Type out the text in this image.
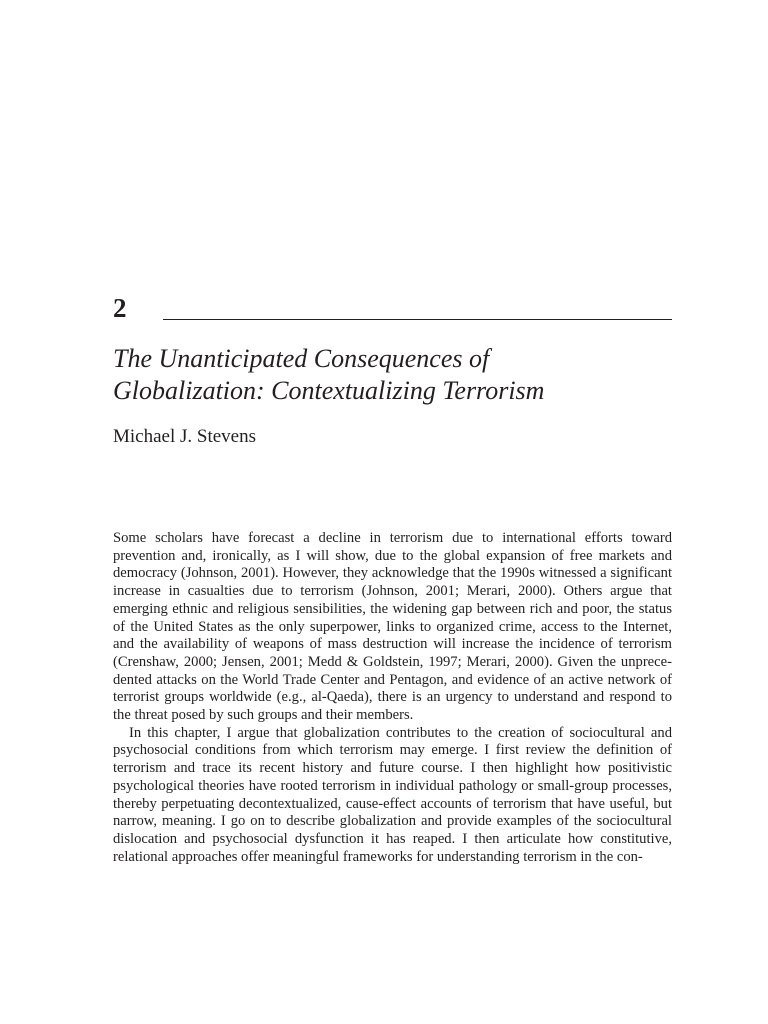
2
The Unanticipated Consequences of
Globalization: Contextualizing Terrorism

Michael J. Stevens

Some scholars have forecast a decline in terrorism due to international efforts toward prevention and, ironically, as I will show, due to the global expansion of free markets and democracy (Johnson, 2001). However, they acknowledge that the 1990s witnessed a significant increase in casualties due to terrorism (Johnson, 2001; Merari, 2000). Others argue that emerging ethnic and religious sensibilities, the widening gap between rich and poor, the status of the United States as the only superpower, links to organized crime, access to the Internet, and the availability of weapons of mass destruction will increase the incidence of terrorism (Crenshaw, 2000; Jensen, 2001; Medd & Goldstein, 1997; Merari, 2000). Given the unprecedented attacks on the World Trade Center and Pentagon, and evidence of an active network of terrorist groups worldwide (e.g., al-Qaeda), there is an urgency to understand and respond to the threat posed by such groups and their members.

In this chapter, I argue that globalization contributes to the creation of sociocultural and psychosocial conditions from which terrorism may emerge. I first review the definition of terrorism and trace its recent history and future course. I then highlight how positivistic psychological theories have rooted terrorism in individual pathology or small-group processes, thereby perpetuating decontextualized, cause-effect accounts of terrorism that have useful, but narrow, meaning. I go on to describe globalization and provide examples of the sociocultural dislocation and psychosocial dysfunction it has reaped. I then articulate how constitutive, relational approaches offer meaningful frameworks for understanding terrorism in the con-
